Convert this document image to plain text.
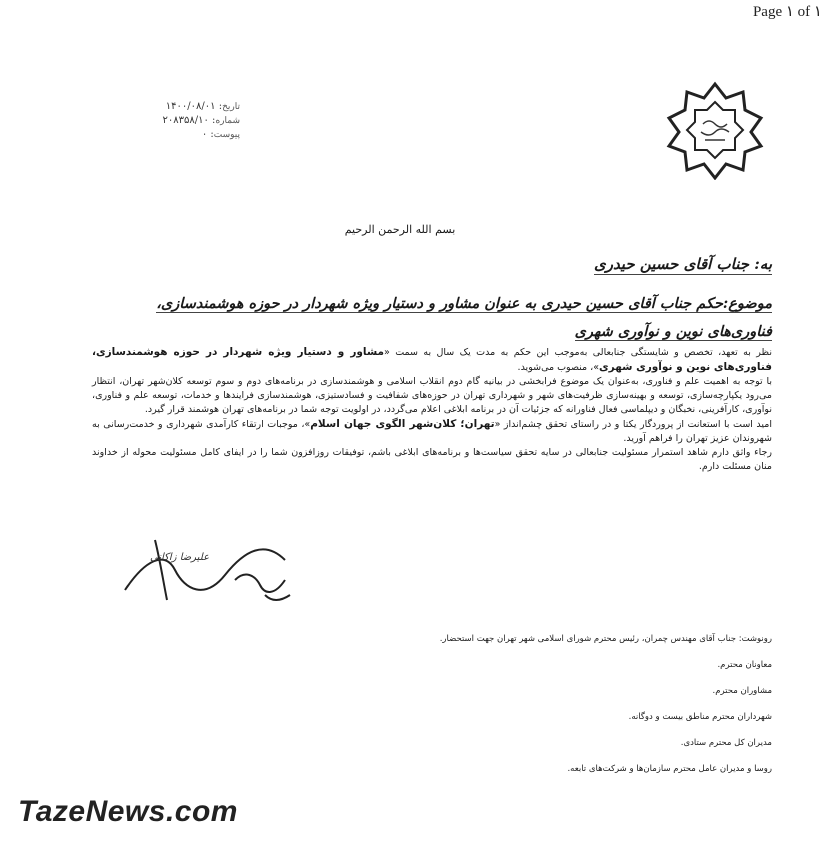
Page ۱ of ۱
تاریخ: ۱۴۰۰/۰۸/۰۱
شماره: ۲۰۸۳۵۸/۱۰
پیوست: ۰
بسم الله الرحمن الرحیم
به: جناب آقای حسین حیدری
موضوع:حکم جناب آقای حسین حیدری به عنوان مشاور و دستیار ویژه شهردار در حوزه هوشمندسازی،
فناوری‌های نوین و نوآوری شهری

نظر به تعهد، تخصص و شایستگی جنابعالی به‌موجب این حکم به مدت یک سال به سمت «مشاور و دستیار ویژه شهردار در حوزه هوشمندسازی، فناوری‌های نوین و نوآوری شهری»، منصوب می‌شوید.

با توجه به اهمیت علم و فناوری، به‌عنوان یک موضوع فرابخشی در بیانیه گام دوم انقلاب اسلامی و هوشمندسازی در برنامه‌های دوم و سوم توسعه کلان‌شهر تهران، انتظار می‌رود یکپارچه‌سازی، توسعه و بهینه‌سازی ظرفیت‌های شهر و شهرداری تهران در حوزه‌های شفافیت و فسادستیزی، هوشمندسازی فرایندها و خدمات، توسعه علم و فناوری، نوآوری، کارآفرینی، نخبگان و دیپلماسی فعال فناورانه که جزئیات آن در برنامه ابلاغی اعلام می‌گردد، در اولویت توجه شما در برنامه‌های تهران هوشمند قرار گیرد.

امید است با استعانت از پروردگار یکتا و در راستای تحقق چشم‌انداز «تهران؛ کلان‌شهر الگوی جهان اسلام»، موجبات ارتقاء کارآمدی شهرداری و خدمت‌رسانی به شهروندان عزیز تهران را فراهم آورید.

رجاء واثق دارم شاهد استمرار مسئولیت جنابعالی در سایه تحقق سیاست‌ها و برنامه‌های ابلاغی باشم، توفیقات روزافزون شما را در ایفای کامل مسئولیت محوله از خداوند منان مسئلت دارم.

علیرضا زاکانی
رونوشت: جناب آقای مهندس چمران، رئیس محترم شورای اسلامی شهر تهران جهت استحضار.
معاونان محترم.
مشاوران محترم.
شهرداران محترم مناطق بیست و دوگانه.
مدیران کل محترم ستادی.
روسا و مدیران عامل محترم سازمان‌ها و شرکت‌های تابعه.
TazeNews.com
